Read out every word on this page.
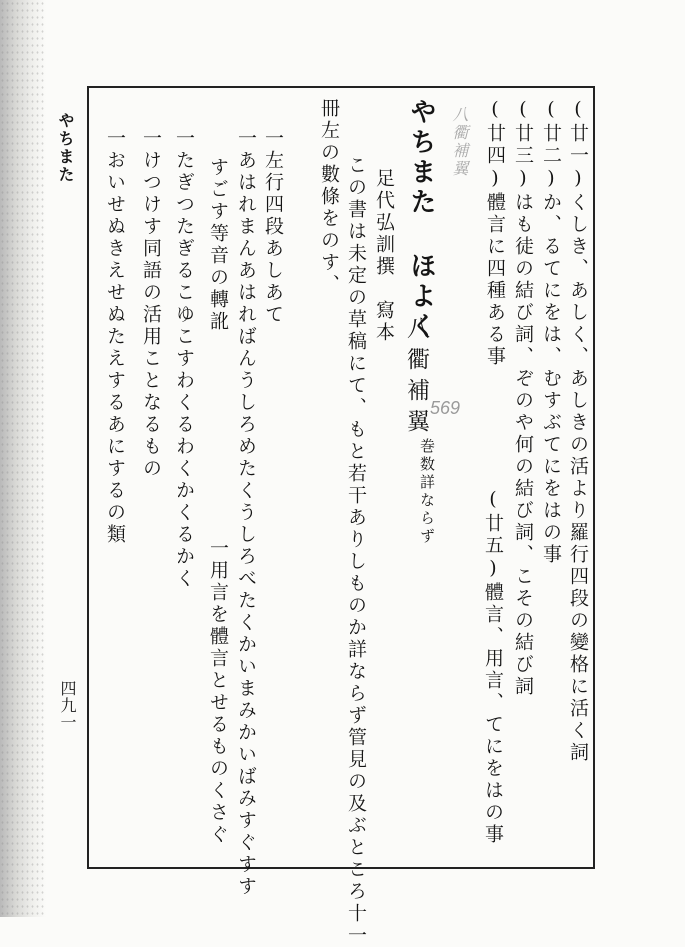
やちまた
四九一	(廿一)くしき、あしく、あしきの活より羅行四段の變格に活く詞
(廿二)か、るてにをは、むすぶてにをはの事
(廿三)はも徒の結び詞、ぞのや何の結び詞、こその結び詞
(廿四)體言に四種ある事
(廿五)體言、用言、てにをはの事
やちまた ほよく
八衢補翼
巻数詳ならず
八衢補翼
569
足代弘訓撰　寫本
この書は未定の草稿にて、もと若干ありしものか詳ならず管見の及ぶところ十一
冊左の數條をのす、
一左行四段あしあて
一あはれまんあはればんうしろめたくうしろべたくかいまみかいばみすぐすす
すごす等音の轉訛
一用言を體言とせるものくさぐ
一たぎつたぎるこゆこすわくるわくかくるかく
一けつけす同語の活用ことなるもの
一おいせぬきえせぬたえするあにするの類
